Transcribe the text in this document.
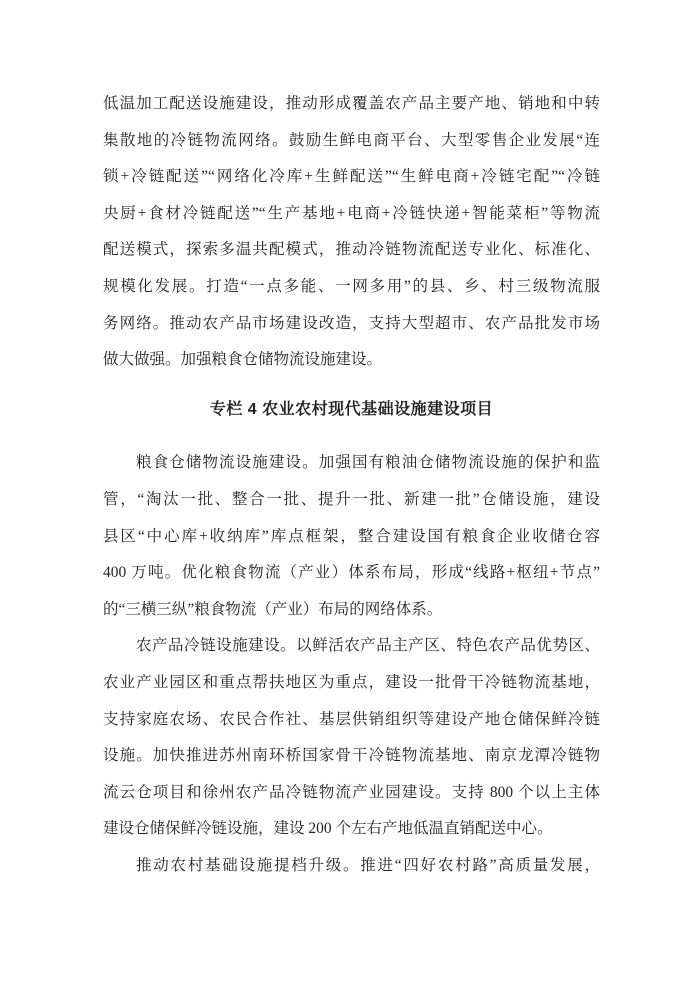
低温加工配送设施建设，推动形成覆盖农产品主要产地、销地和中转
集散地的冷链物流网络。鼓励生鲜电商平台、大型零售企业发展“连
锁+冷链配送”“网络化冷库+生鲜配送”“生鲜电商+冷链宅配”“冷链
央厨+食材冷链配送”“生产基地+电商+冷链快递+智能菜柜”等物流
配送模式，探索多温共配模式，推动冷链物流配送专业化、标准化、
规模化发展。打造“一点多能、一网多用”的县、乡、村三级物流服
务网络。推动农产品市场建设改造，支持大型超市、农产品批发市场
做大做强。加强粮食仓储物流设施建设。
专栏 4 农业农村现代基础设施建设项目
粮食仓储物流设施建设。加强国有粮油仓储物流设施的保护和监
管，“淘汰一批、整合一批、提升一批、新建一批”仓储设施，建设
县区“中心库+收纳库”库点框架，整合建设国有粮食企业收储仓容
400 万吨。优化粮食物流（产业）体系布局，形成“线路+枢纽+节点”
的“三横三纵”粮食物流（产业）布局的网络体系。
农产品冷链设施建设。以鲜活农产品主产区、特色农产品优势区、
农业产业园区和重点帮扶地区为重点，建设一批骨干冷链物流基地，
支持家庭农场、农民合作社、基层供销组织等建设产地仓储保鲜冷链
设施。加快推进苏州南环桥国家骨干冷链物流基地、南京龙潭冷链物
流云仓项目和徐州农产品冷链物流产业园建设。支持 800 个以上主体
建设仓储保鲜冷链设施，建设 200 个左右产地低温直销配送中心。
推动农村基础设施提档升级。推进“四好农村路”高质量发展，
